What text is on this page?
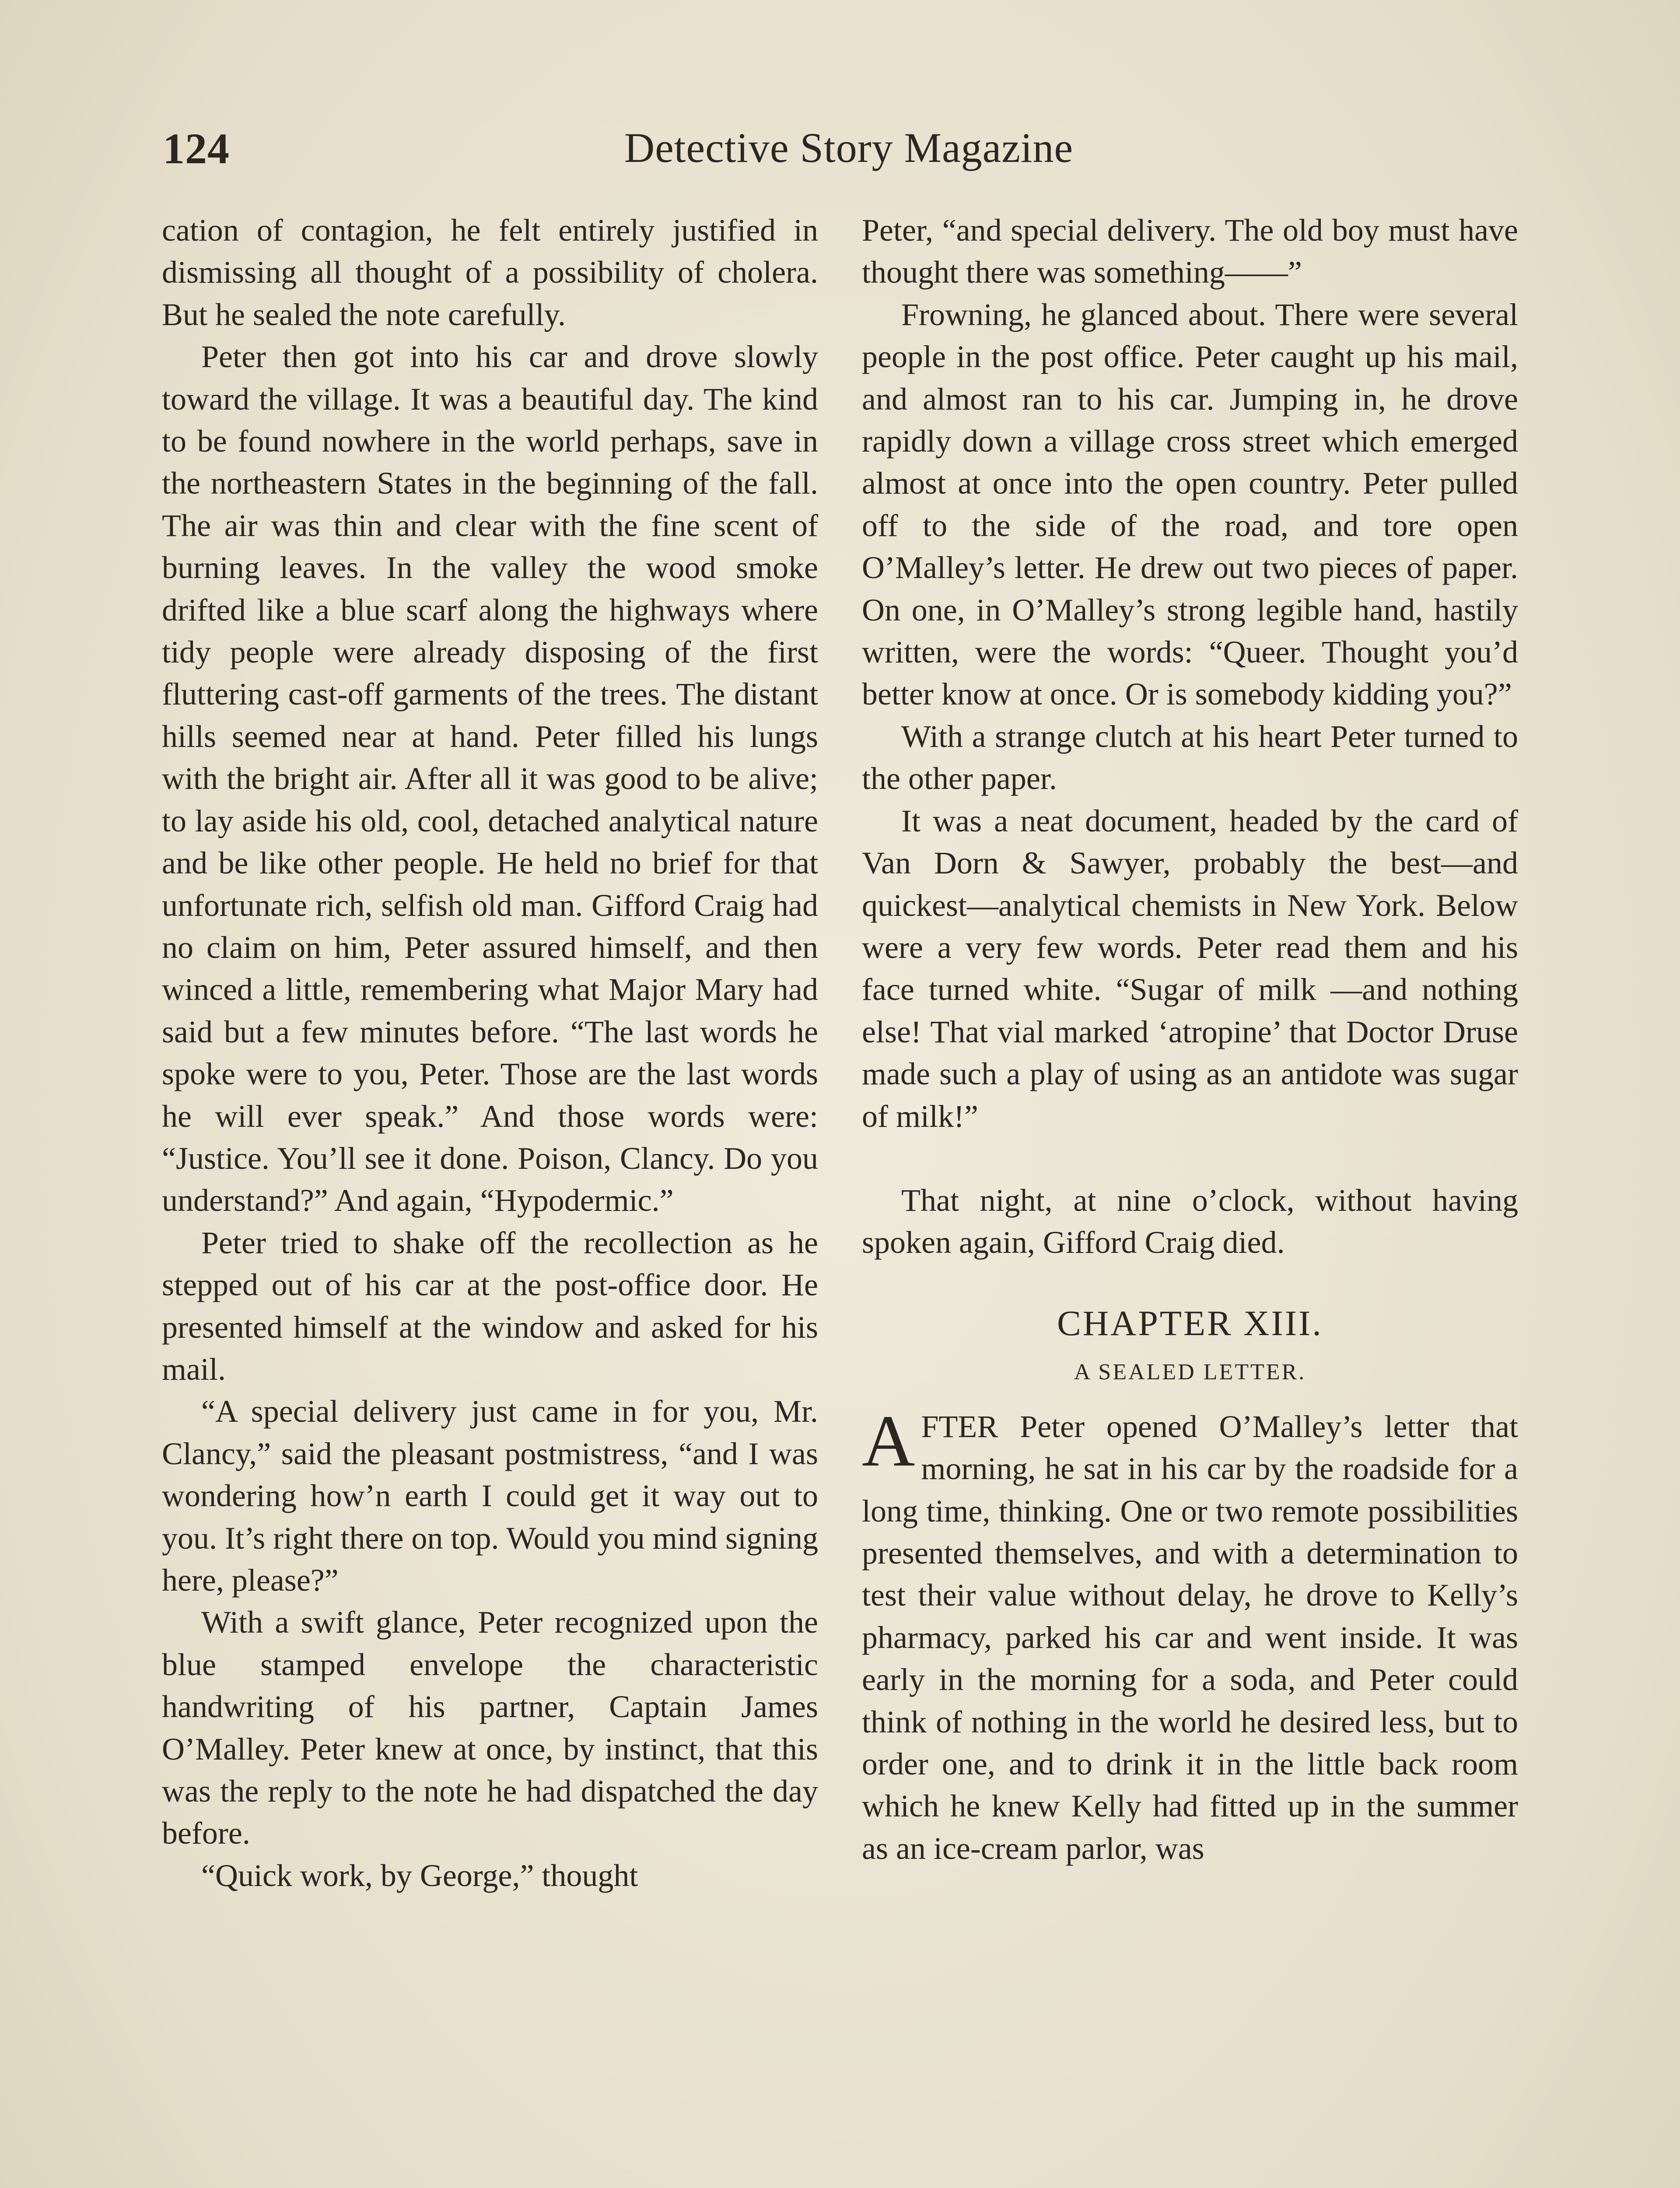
124	Detective Story Magazine

cation of contagion, he felt entirely justified in dismissing all thought of a possibility of cholera. But he sealed the note carefully.

Peter then got into his car and drove slowly toward the village. It was a beautiful day. The kind to be found nowhere in the world perhaps, save in the northeastern States in the beginning of the fall. The air was thin and clear with the fine scent of burning leaves. In the valley the wood smoke drifted like a blue scarf along the highways where tidy people were already disposing of the first fluttering cast-off garments of the trees. The distant hills seemed near at hand. Peter filled his lungs with the bright air. After all it was good to be alive; to lay aside his old, cool, detached analytical nature and be like other people. He held no brief for that unfortunate rich, selfish old man. Gifford Craig had no claim on him, Peter assured himself, and then winced a little, remembering what Major Mary had said but a few minutes before. “The last words he spoke were to you, Peter. Those are the last words he will ever speak.” And those words were: “Justice. You’ll see it done. Poison, Clancy. Do you understand?” And again, “Hypodermic.”

Peter tried to shake off the recollection as he stepped out of his car at the post-office door. He presented himself at the window and asked for his mail.

“A special delivery just came in for you, Mr. Clancy,” said the pleasant postmistress, “and I was wondering how’n earth I could get it way out to you. It’s right there on top. Would you mind signing here, please?”

With a swift glance, Peter recognized upon the blue stamped envelope the characteristic handwriting of his partner, Captain James O’Malley. Peter knew at once, by instinct, that this was the reply to the note he had dispatched the day before.

“Quick work, by George,” thought

Peter, “and special delivery. The old boy must have thought there was something——”

Frowning, he glanced about. There were several people in the post office. Peter caught up his mail, and almost ran to his car. Jumping in, he drove rapidly down a village cross street which emerged almost at once into the open country. Peter pulled off to the side of the road, and tore open O’Malley’s letter. He drew out two pieces of paper. On one, in O’Malley’s strong legible hand, hastily written, were the words: “Queer. Thought you’d better know at once. Or is somebody kidding you?”

With a strange clutch at his heart Peter turned to the other paper.

It was a neat document, headed by the card of Van Dorn & Sawyer, probably the best—and quickest—analytical chemists in New York. Below were a very few words. Peter read them and his face turned white. “Sugar of milk —and nothing else! That vial marked ‘atropine’ that Doctor Druse made such a play of using as an antidote was sugar of milk!”

That night, at nine o’clock, without having spoken again, Gifford Craig died.

CHAPTER XIII.
A SEALED LETTER.

AFTER Peter opened O’Malley’s letter that morning, he sat in his car by the roadside for a long time, thinking. One or two remote possibilities presented themselves, and with a determination to test their value without delay, he drove to Kelly’s pharmacy, parked his car and went inside. It was early in the morning for a soda, and Peter could think of nothing in the world he desired less, but to order one, and to drink it in the little back room which he knew Kelly had fitted up in the summer as an ice-cream parlor, was
